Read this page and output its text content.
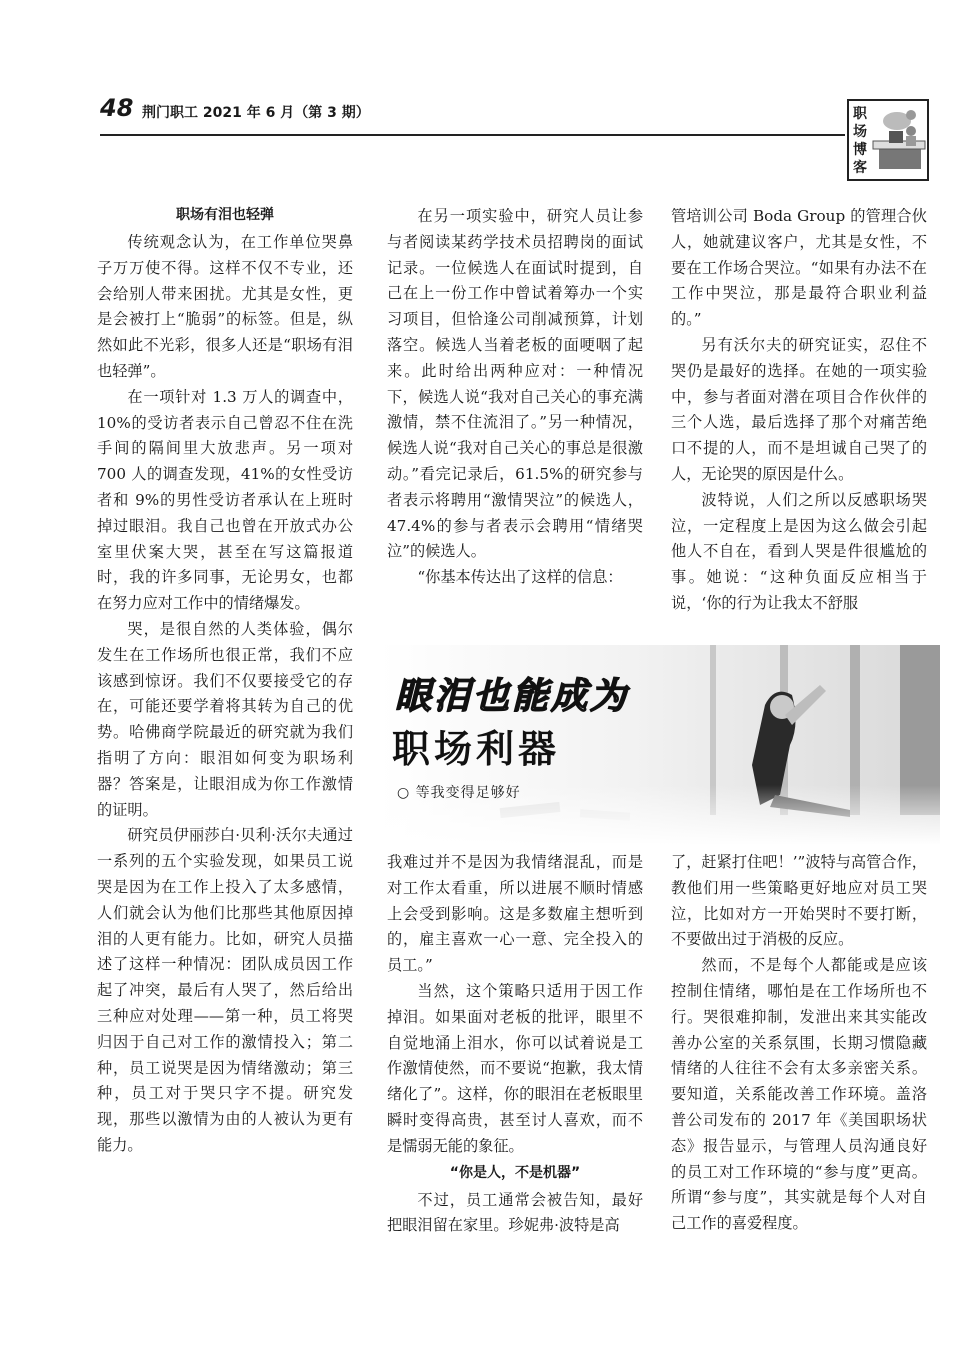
48 荆门职工 2021 年 6 月（第 3 期）	职场博客
职场有泪也轻弹

传统观念认为，在工作单位哭鼻子万万使不得。这样不仅不专业，还会给别人带来困扰。尤其是女性，更是会被打上“脆弱”的标签。但是，纵然如此不光彩，很多人还是“职场有泪也轻弹”。

在一项针对 1.3 万人的调查中，10%的受访者表示自己曾忍不住在洗手间的隔间里大放悲声。另一项对 700 人的调查发现，41%的女性受访者和 9%的男性受访者承认在上班时掉过眼泪。我自己也曾在开放式办公室里伏案大哭，甚至在写这篇报道时，我的许多同事，无论男女，也都在努力应对工作中的情绪爆发。

哭，是很自然的人类体验，偶尔发生在工作场所也很正常，我们不应该感到惊讶。我们不仅要接受它的存在，可能还要学着将其转为自己的优势。哈佛商学院最近的研究就为我们指明了方向：眼泪如何变为职场利器？答案是，让眼泪成为你工作激情的证明。

研究员伊丽莎白·贝利·沃尔夫通过一系列的五个实验发现，如果员工说哭是因为在工作上投入了太多感情，人们就会认为他们比那些其他原因掉泪的人更有能力。比如，研究人员描述了这样一种情况：团队成员因工作起了冲突，最后有人哭了，然后给出三种应对处理——第一种，员工将哭归因于自己对工作的激情投入；第二种，员工说哭是因为情绪激动；第三种，员工对于哭只字不提。研究发现，那些以激情为由的人被认为更有能力。

在另一项实验中，研究人员让参与者阅读某药学技术员招聘岗的面试记录。一位候选人在面试时提到，自己在上一份工作中曾试着筹办一个实习项目，但恰逢公司削减预算，计划落空。候选人当着老板的面哽咽了起来。此时给出两种应对：一种情况下，候选人说“我对自己关心的事充满激情，禁不住流泪了。”另一种情况，候选人说“我对自己关心的事总是很激动。”看完记录后，61.5%的研究参与者表示将聘用“激情哭泣”的候选人，47.4%的参与者表示会聘用“情绪哭泣”的候选人。

“你基本传达出了这样的信息：

管培训公司 Boda Group 的管理合伙人，她就建议客户，尤其是女性，不要在工作场合哭泣。“如果有办法不在工作中哭泣，那是最符合职业利益的。”

另有沃尔夫的研究证实，忍住不哭仍是最好的选择。在她的一项实验中，参与者面对潜在项目合作伙伴的三个人选，最后选择了那个对痛苦绝口不提的人，而不是坦诚自己哭了的人，无论哭的原因是什么。

波特说，人们之所以反感职场哭泣，一定程度上是因为这么做会引起他人不自在，看到人哭是件很尴尬的事。她说：“这种负面反应相当于说，‘你的行为让我太不舒服

眼泪也能成为
职场利器
○ 等我变得足够好

我难过并不是因为我情绪混乱，而是对工作太看重，所以进展不顺时情感上会受到影响。这是多数雇主想听到的，雇主喜欢一心一意、完全投入的员工。”

当然，这个策略只适用于因工作掉泪。如果面对老板的批评，眼里不自觉地涌上泪水，你可以试着说是工作激情使然，而不要说“抱歉，我太情绪化了”。这样，你的眼泪在老板眼里瞬时变得高贵，甚至讨人喜欢，而不是懦弱无能的象征。

“你是人，不是机器”

不过，员工通常会被告知，最好把眼泪留在家里。珍妮弗·波特是高

了，赶紧打住吧！’”波特与高管合作，教他们用一些策略更好地应对员工哭泣，比如对方一开始哭时不要打断，不要做出过于消极的反应。

然而，不是每个人都能或是应该控制住情绪，哪怕是在工作场所也不行。哭很难抑制，发泄出来其实能改善办公室的关系氛围，长期习惯隐藏情绪的人往往不会有太多亲密关系。要知道，关系能改善工作环境。盖洛普公司发布的 2017 年《美国职场状态》报告显示，与管理人员沟通良好的员工对工作环境的“参与度”更高。所谓“参与度”，其实就是每个人对自己工作的喜爱程度。
